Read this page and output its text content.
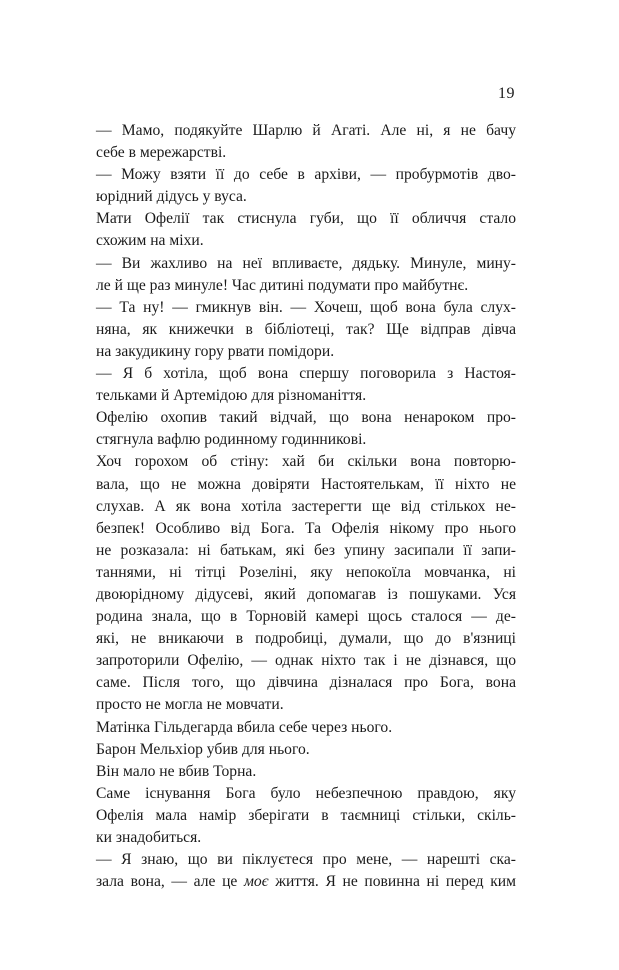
19
— Мамо, подякуйте Шарлю й Агаті. Але ні, я не бачу
себе в мережарстві.
— Можу взяти її до себе в архіви, — пробурмотів дво-
юрідний дідусь у вуса.
Мати Офелії так стиснула губи, що її обличчя стало
схожим на міхи.
— Ви жахливо на неї впливаєте, дядьку. Минуле, мину-
ле й ще раз минуле! Час дитині подумати про майбутнє.
— Та ну! — гмикнув він. — Хочеш, щоб вона була слух-
няна, як книжечки в бібліотеці, так? Ще відправ дівча
на закудикину гору рвати помідори.
— Я б хотіла, щоб вона спершу поговорила з Настоя-
тельками й Артемідою для різноманіття.
Офелію охопив такий відчай, що вона ненароком про-
стягнула вафлю родинному годинникові.
Хоч горохом об стіну: хай би скільки вона повторю-
вала, що не можна довіряти Настоятелькам, її ніхто не
слухав. А як вона хотіла застерегти ще від стількох не-
безпек! Особливо від Бога. Та Офелія нікому про нього
не розказала: ні батькам, які без упину засипали її запи-
таннями, ні тітці Розеліні, яку непокоїла мовчанка, ні
двоюрідному дідусеві, який допомагав із пошуками. Уся
родина знала, що в Торновій камері щось сталося — де-
які, не вникаючи в подробиці, думали, що до в'язниці
запроторили Офелію, — однак ніхто так і не дізнався, що
саме. Після того, що дівчина дізналася про Бога, вона
просто не могла не мовчати.
Матінка Гільдегарда вбила себе через нього.
Барон Мельхіор убив для нього.
Він мало не вбив Торна.
Саме існування Бога було небезпечною правдою, яку
Офелія мала намір зберігати в таємниці стільки, скіль-
ки знадобиться.
— Я знаю, що ви піклуєтеся про мене, — нарешті ска-
зала вона, — але це моє життя. Я не повинна ні перед ким
